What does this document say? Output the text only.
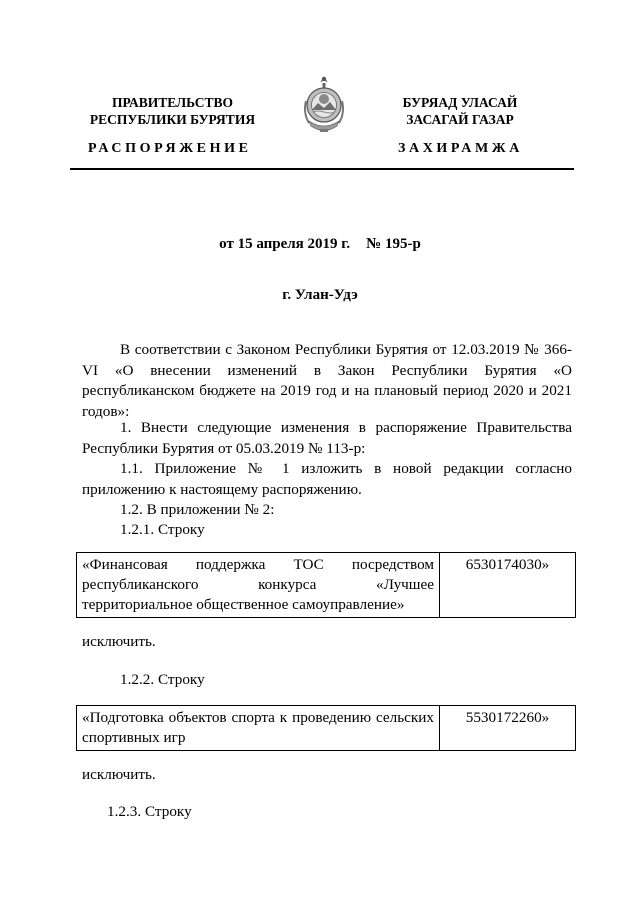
ПРАВИТЕЛЬСТВО
РЕСПУБЛИКИ БУРЯТИЯ
РАСПОРЯЖЕНИЕ
БУРЯАД УЛАСАЙ
ЗАСАГАЙ ГАЗАР
ЗАХИРАМЖА
от 15 апреля 2019 г. № 195-р
г. Улан-Удэ
В соответствии с Законом Республики Бурятия от 12.03.2019 № 366-VI «О внесении изменений в Закон Республики Бурятия «О республиканском бюджете на 2019 год и на плановый период 2020 и 2021 годов»:
1. Внести следующие изменения в распоряжение Правительства Республики Бурятия от 05.03.2019 № 113-р:
1.1. Приложение № 1 изложить в новой редакции согласно приложению к настоящему распоряжению.
1.2. В приложении № 2:
1.2.1. Строку
«Финансовая поддержка ТОС посредством республиканского конкурса «Лучшее территориальное общественное самоуправление»	6530174030»
исключить.
1.2.2. Строку
«Подготовка объектов спорта к проведению сельских спортивных игр	5530172260»
исключить.
1.2.3. Строку
